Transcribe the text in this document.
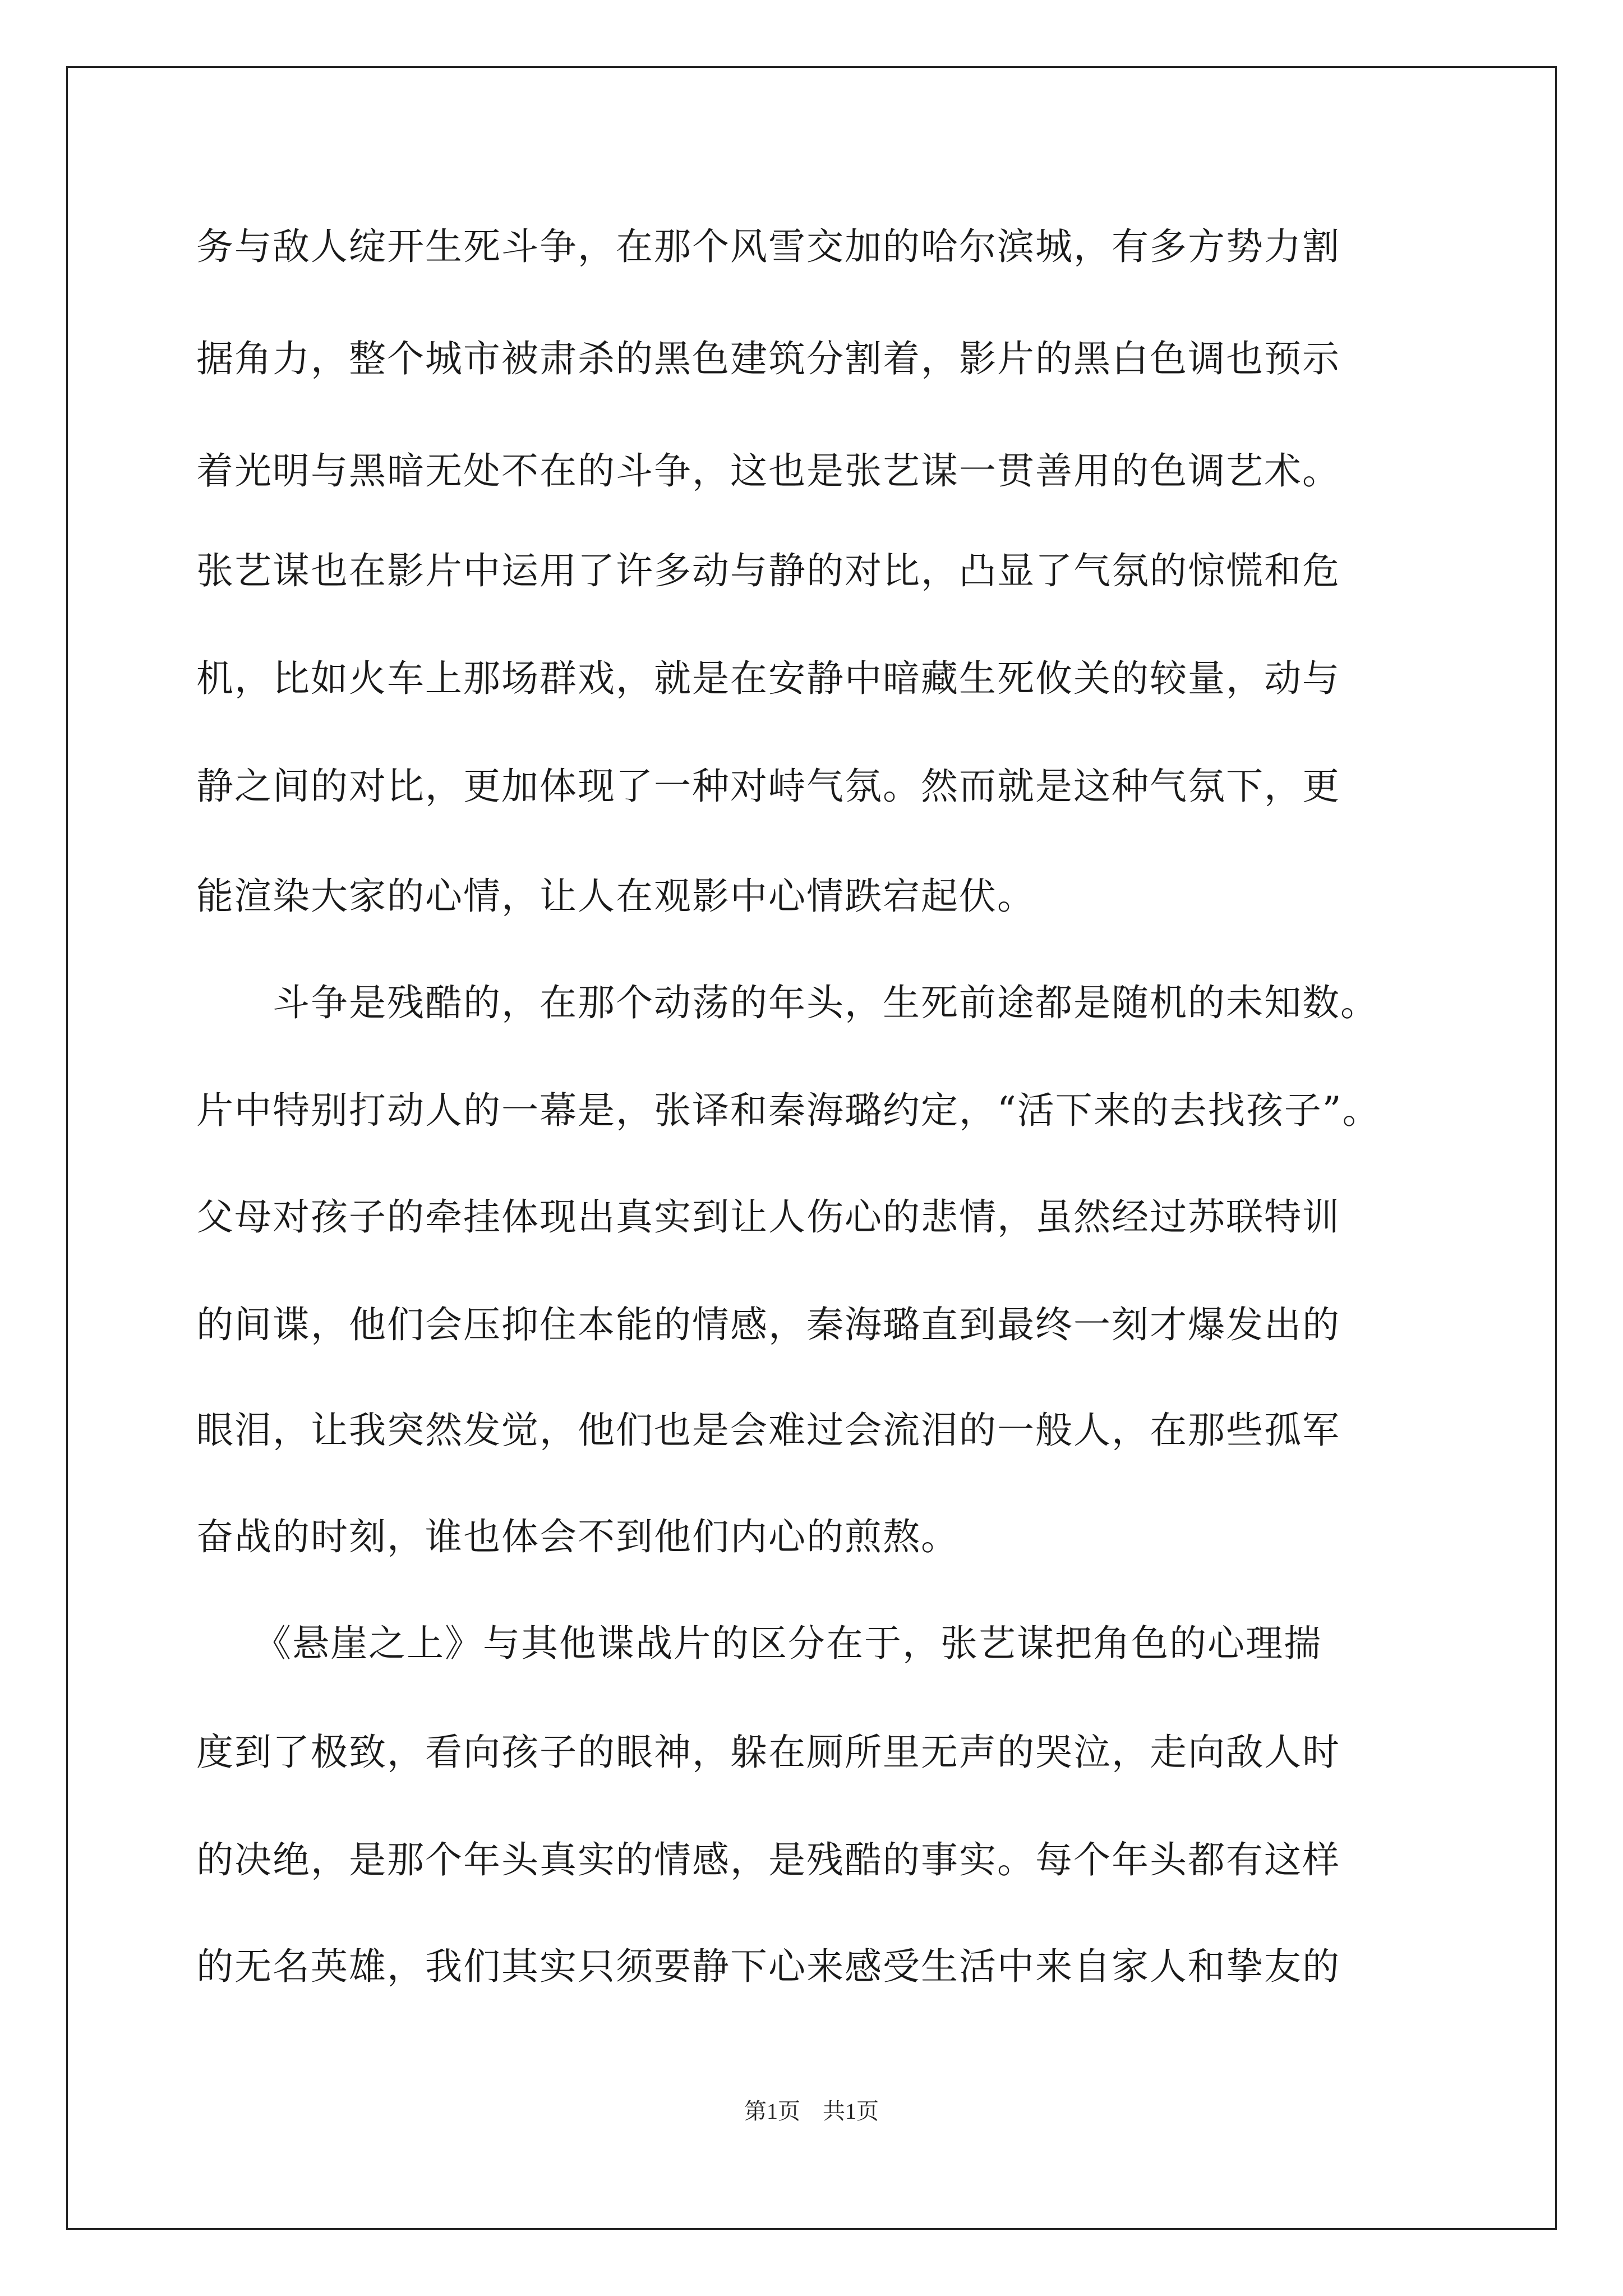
务与敌人绽开生死斗争，在那个风雪交加的哈尔滨城，有多方势力割
据角力，整个城市被肃杀的黑色建筑分割着，影片的黑白色调也预示
着光明与黑暗无处不在的斗争，这也是张艺谋一贯善用的色调艺术。
张艺谋也在影片中运用了许多动与静的对比，凸显了气氛的惊慌和危
机，比如火车上那场群戏，就是在安静中暗藏生死攸关的较量，动与
静之间的对比，更加体现了一种对峙气氛。然而就是这种气氛下，更
能渲染大家的心情，让人在观影中心情跌宕起伏。
　　斗争是残酷的，在那个动荡的年头，生死前途都是随机的未知数。
片中特别打动人的一幕是，张译和秦海璐约定，“活下来的去找孩子”。
父母对孩子的牵挂体现出真实到让人伤心的悲情，虽然经过苏联特训
的间谍，他们会压抑住本能的情感，秦海璐直到最终一刻才爆发出的
眼泪，让我突然发觉，他们也是会难过会流泪的一般人，在那些孤军
奋战的时刻，谁也体会不到他们内心的煎熬。
　　《悬崖之上》与其他谍战片的区分在于，张艺谋把角色的心理揣
度到了极致，看向孩子的眼神，躲在厕所里无声的哭泣，走向敌人时
的决绝，是那个年头真实的情感，是残酷的事实。每个年头都有这样
的无名英雄，我们其实只须要静下心来感受生活中来自家人和挚友的
第1页　共1页
